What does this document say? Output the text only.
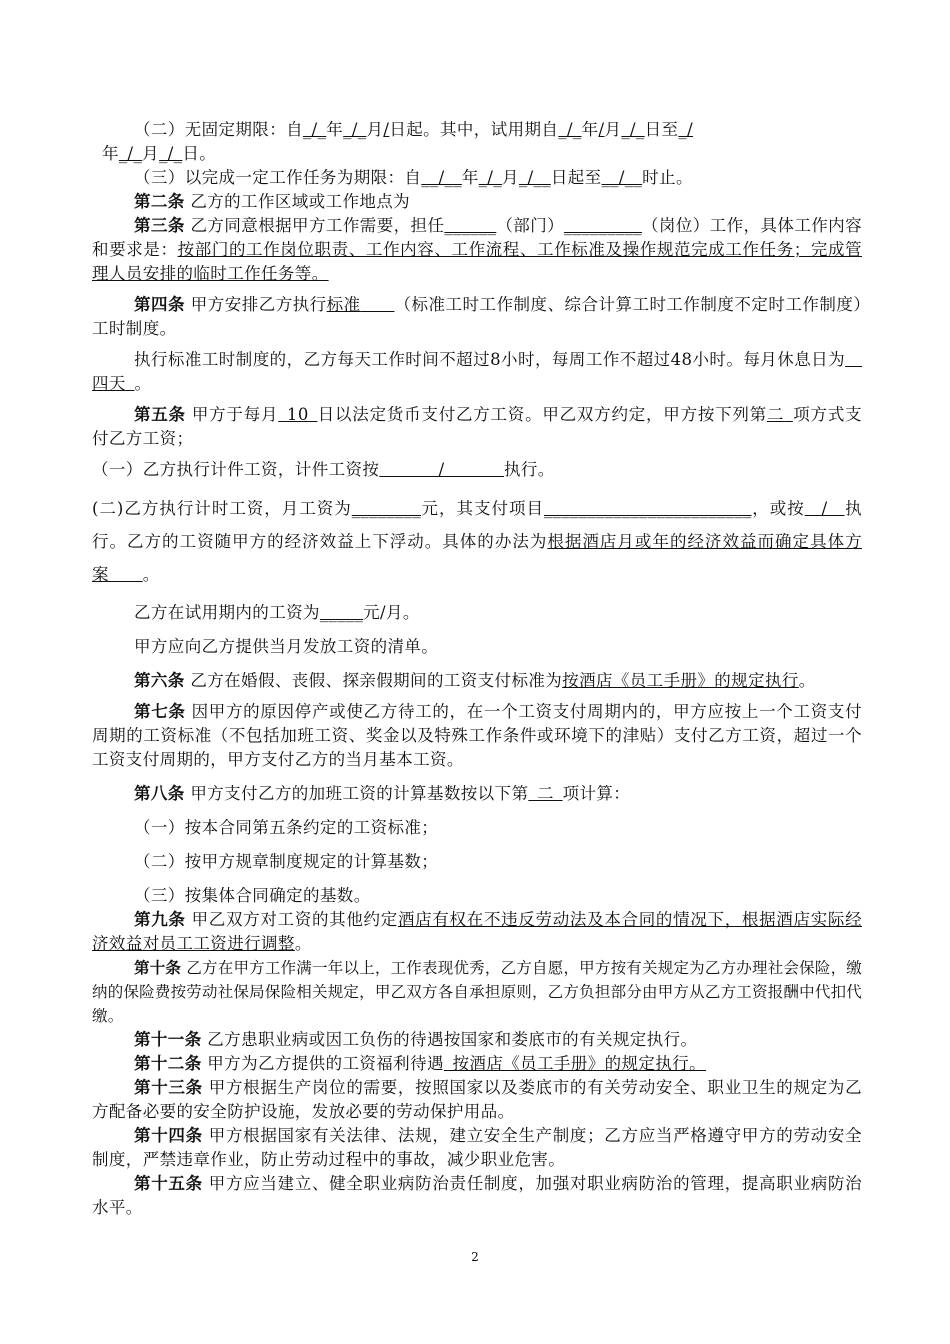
（二）无固定期限：自_/_年_/_月/日起。其中，试用期自_/_年/月_/_日至_/
年_/_月_/_日。

（三）以完成一定工作任务为期限：自__/__年_/_月_/__日起至__/__时止。

第二条 乙方的工作区域或工作地点为

第三条 乙方同意根据甲方工作需要，担任______（部门）_________（岗位）工作，具体工作内容和要求是：按部门的工作岗位职责、工作内容、工作流程、工作标准及操作规范完成工作任务；完成管理人员安排的临时工作任务等。

第四条 甲方安排乙方执行标准   （标准工时工作制度、综合计算工时工作制度不定时工作制度）工时制度。

执行标准工时制度的，乙方每天工作时间不超过8小时，每周工作不超过48小时。每月休息日为 四天  。

第五条 甲方于每月  10  日以法定货币支付乙方工资。甲乙双方约定，甲方按下列第二  项方式支付乙方工资；

（一）乙方执行计件工资，计件工资按    	/    	执行。

(二)乙方执行计时工资，月工资为________元，其支付项目________________________，或按  /  执行。乙方的工资随甲方的经济效益上下浮动。具体的办法为根据酒店月或年的经济效益而确定具体方案   。

乙方在试用期内的工资为_____元/月。

甲方应向乙方提供当月发放工资的清单。

第六条 乙方在婚假、丧假、探亲假期间的工资支付标准为按酒店《员工手册》的规定执行。

第七条 因甲方的原因停产或使乙方待工的，在一个工资支付周期内的，甲方应按上一个工资支付周期的工资标准（不包括加班工资、奖金以及特殊工作条件或环境下的津贴）支付乙方工资，超过一个工资支付周期的，甲方支付乙方的当月基本工资。

第八条 甲方支付乙方的加班工资的计算基数按以下第  二  项计算：

（一）按本合同第五条约定的工资标准；

（二）按甲方规章制度规定的计算基数；

（三）按集体合同确定的基数。

第九条 甲乙双方对工资的其他约定酒店有权在不违反劳动法及本合同的情况下，根据酒店实际经济效益对员工工资进行调整。

第十条 乙方在甲方工作满一年以上，工作表现优秀，乙方自愿，甲方按有关规定为乙方办理社会保险，缴纳的保险费按劳动社保局保险相关规定，甲乙双方各自承担原则，乙方负担部分由甲方从乙方工资报酬中代扣代缴。

第十一条 乙方患职业病或因工负伤的待遇按国家和娄底市的有关规定执行。

第十二条 甲方为乙方提供的工资福利待遇  按酒店《员工手册》的规定执行。

第十三条 甲方根据生产岗位的需要，按照国家以及娄底市的有关劳动安全、职业卫生的规定为乙方配备必要的安全防护设施，发放必要的劳动保护用品。

第十四条 甲方根据国家有关法律、法规，建立安全生产制度；乙方应当严格遵守甲方的劳动安全制度，严禁违章作业，防止劳动过程中的事故，减少职业危害。

第十五条 甲方应当建立、健全职业病防治责任制度，加强对职业病防治的管理，提高职业病防治水平。

2
